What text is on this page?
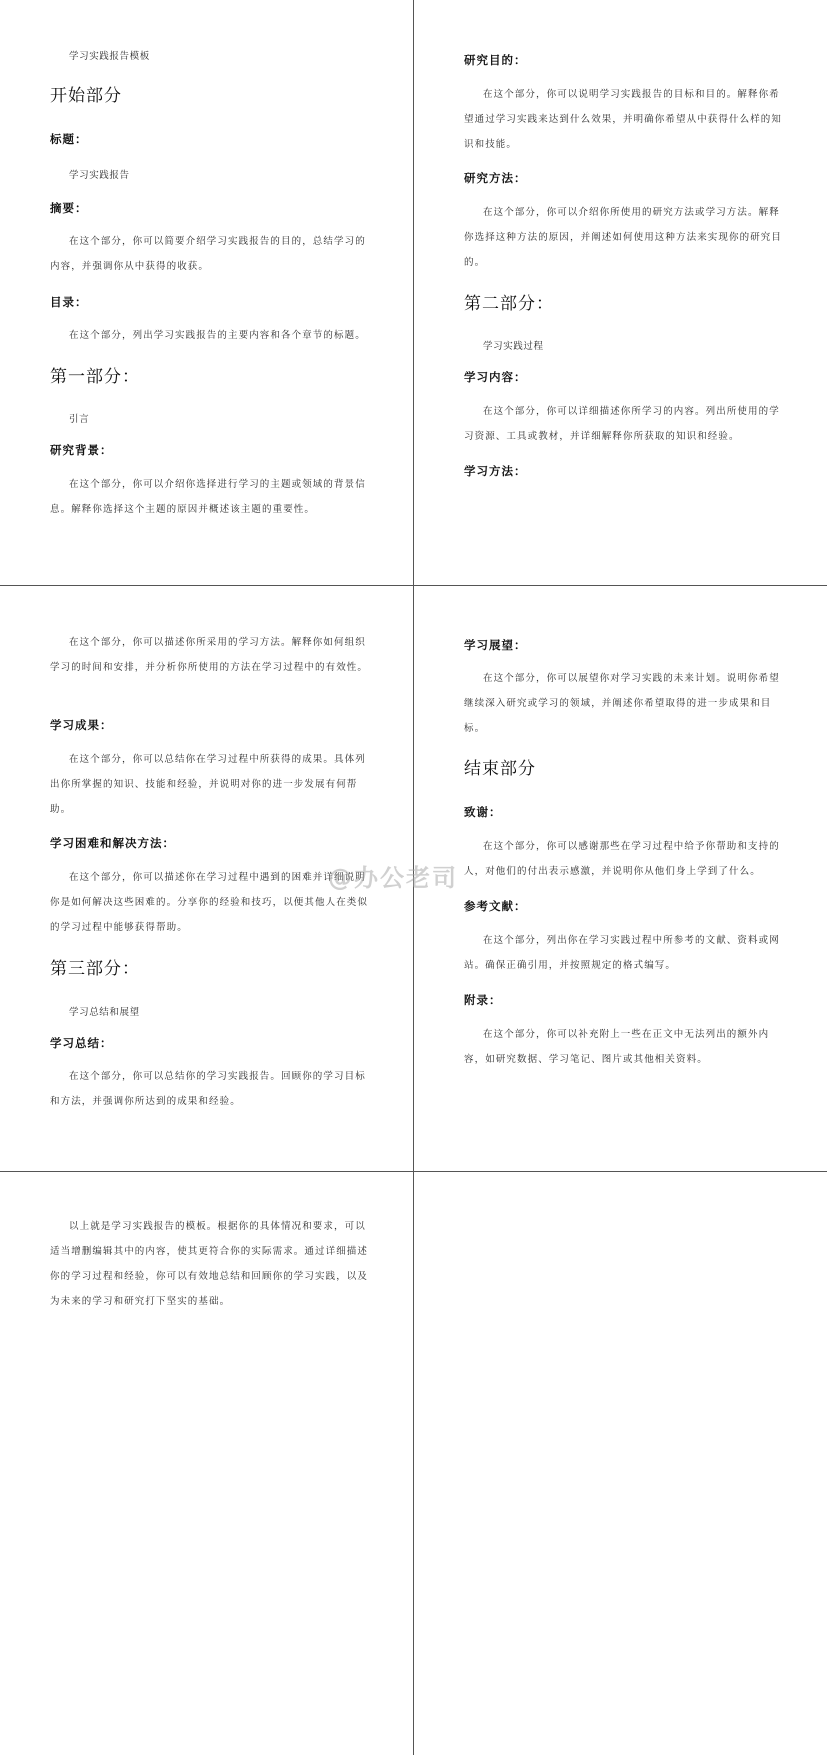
学习实践报告模板

开始部分
标题：

学习实践报告

摘要：

在这个部分，你可以简要介绍学习实践报告的目的，总结学习的内容，并强调你从中获得的收获。

目录：

在这个部分，列出学习实践报告的主要内容和各个章节的标题。

第一部分：

引言

研究背景：

在这个部分，你可以介绍你选择进行学习的主题或领域的背景信息。解释你选择这个主题的原因并概述该主题的重要性。

研究目的：

在这个部分，你可以说明学习实践报告的目标和目的。解释你希望通过学习实践来达到什么效果，并明确你希望从中获得什么样的知识和技能。

研究方法：

在这个部分，你可以介绍你所使用的研究方法或学习方法。解释你选择这种方法的原因，并阐述如何使用这种方法来实现你的研究目的。

第二部分：

学习实践过程

学习内容：

在这个部分，你可以详细描述你所学习的内容。列出所使用的学习资源、工具或教材，并详细解释你所获取的知识和经验。

学习方法：

在这个部分，你可以描述你所采用的学习方法。解释你如何组织学习的时间和安排，并分析你所使用的方法在学习过程中的有效性。

学习成果：

在这个部分，你可以总结你在学习过程中所获得的成果。具体列出你所掌握的知识、技能和经验，并说明对你的进一步发展有何帮助。

学习困难和解决方法：

在这个部分，你可以描述你在学习过程中遇到的困难并详细说明你是如何解决这些困难的。分享你的经验和技巧，以便其他人在类似的学习过程中能够获得帮助。

第三部分：

学习总结和展望

学习总结：

在这个部分，你可以总结你的学习实践报告。回顾你的学习目标和方法，并强调你所达到的成果和经验。

学习展望：

在这个部分，你可以展望你对学习实践的未来计划。说明你希望继续深入研究或学习的领域，并阐述你希望取得的进一步成果和目标。

结束部分
致谢：

在这个部分，你可以感谢那些在学习过程中给予你帮助和支持的人，对他们的付出表示感激，并说明你从他们身上学到了什么。

参考文献：

在这个部分，列出你在学习实践过程中所参考的文献、资料或网站。确保正确引用，并按照规定的格式编写。

附录：

在这个部分，你可以补充附上一些在正文中无法列出的额外内容，如研究数据、学习笔记、图片或其他相关资料。

以上就是学习实践报告的模板。根据你的具体情况和要求，可以适当增删编辑其中的内容，使其更符合你的实际需求。通过详细描述你的学习过程和经验，你可以有效地总结和回顾你的学习实践，以及为未来的学习和研究打下坚实的基础。

@办公老司
